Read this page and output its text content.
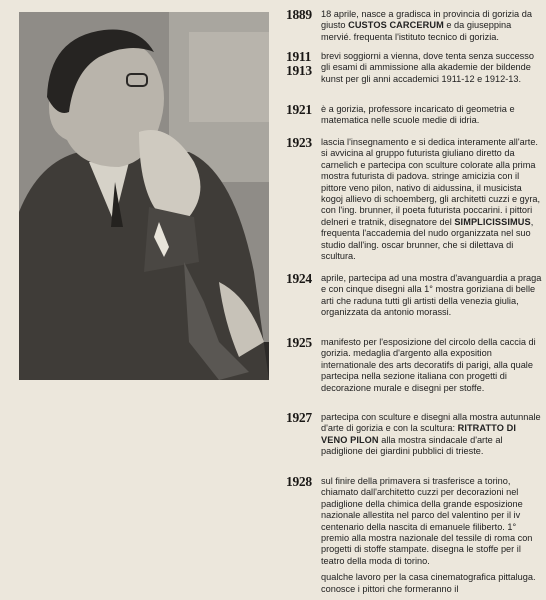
1889 18 aprile, nasce a gradisca in provincia di gorizia da giusto CUSTOS CARCERUM e da giuseppina mervié. frequenta l'istituto tecnico di gorizia.

1911
1913

brevi soggiorni a vienna, dove tenta senza successo gli esami di ammissione alla akademie der bildende kunst per gli anni accademici 1911-12 e 1912-13.

1921 è a gorizia, professore incaricato di geometria e matematica nelle scuole medie di idria.

1923 lascia l'insegnamento e si dedica interamente all'arte. si avvicina al gruppo futurista giuliano diretto da carnelich e partecipa con sculture colorate alla prima mostra futurista di padova. stringe amicizia con il pittore veno pilon, nativo di aidussina, il musicista kogoj allievo di schoemberg, gli architetti cuzzi e gyra, con l'ing. brunner, il poeta futurista poccarini. i pittori delneri e tratnik, disegnatore del SIMPLICISSIMUS, frequenta l'accademia del nudo organizzata nel suo studio dall'ing. oscar brunner, che si dilettava di scultura.

1924 aprile, partecipa ad una mostra d'avanguardia a praga e con cinque disegni alla 1° mostra goriziana di belle arti che raduna tutti gli artisti della venezia giulia, organizzata da antonio morassi.

1925 manifesto per l'esposizione del circolo della caccia di gorizia. medaglia d'argento alla exposition internationale des arts decoratifs di parigi, alla quale partecipa nella sezione italiana con progetti di decorazione murale e disegni per stoffe.

1927 partecipa con sculture e disegni alla mostra autunnale d'arte di gorizia e con la scultura: RITRATTO DI VENO PILON alla mostra sindacale d'arte al padiglione dei giardini pubblici di trieste.

1928 sul finire della primavera si trasferisce a torino, chiamato dall'architetto cuzzi per decorazioni nel padiglione della chimica della grande esposizione nazionale allestita nel parco del valentino per il iv centenario della nascita di emanuele filiberto. 1° premio alla mostra nazionale del tessile di roma con progetti di stoffe stampate. disegna le stoffe per il teatro della moda di torino.

qualche lavoro per la casa cinematografica pittaluga. conosce i pittori che formeranno il
